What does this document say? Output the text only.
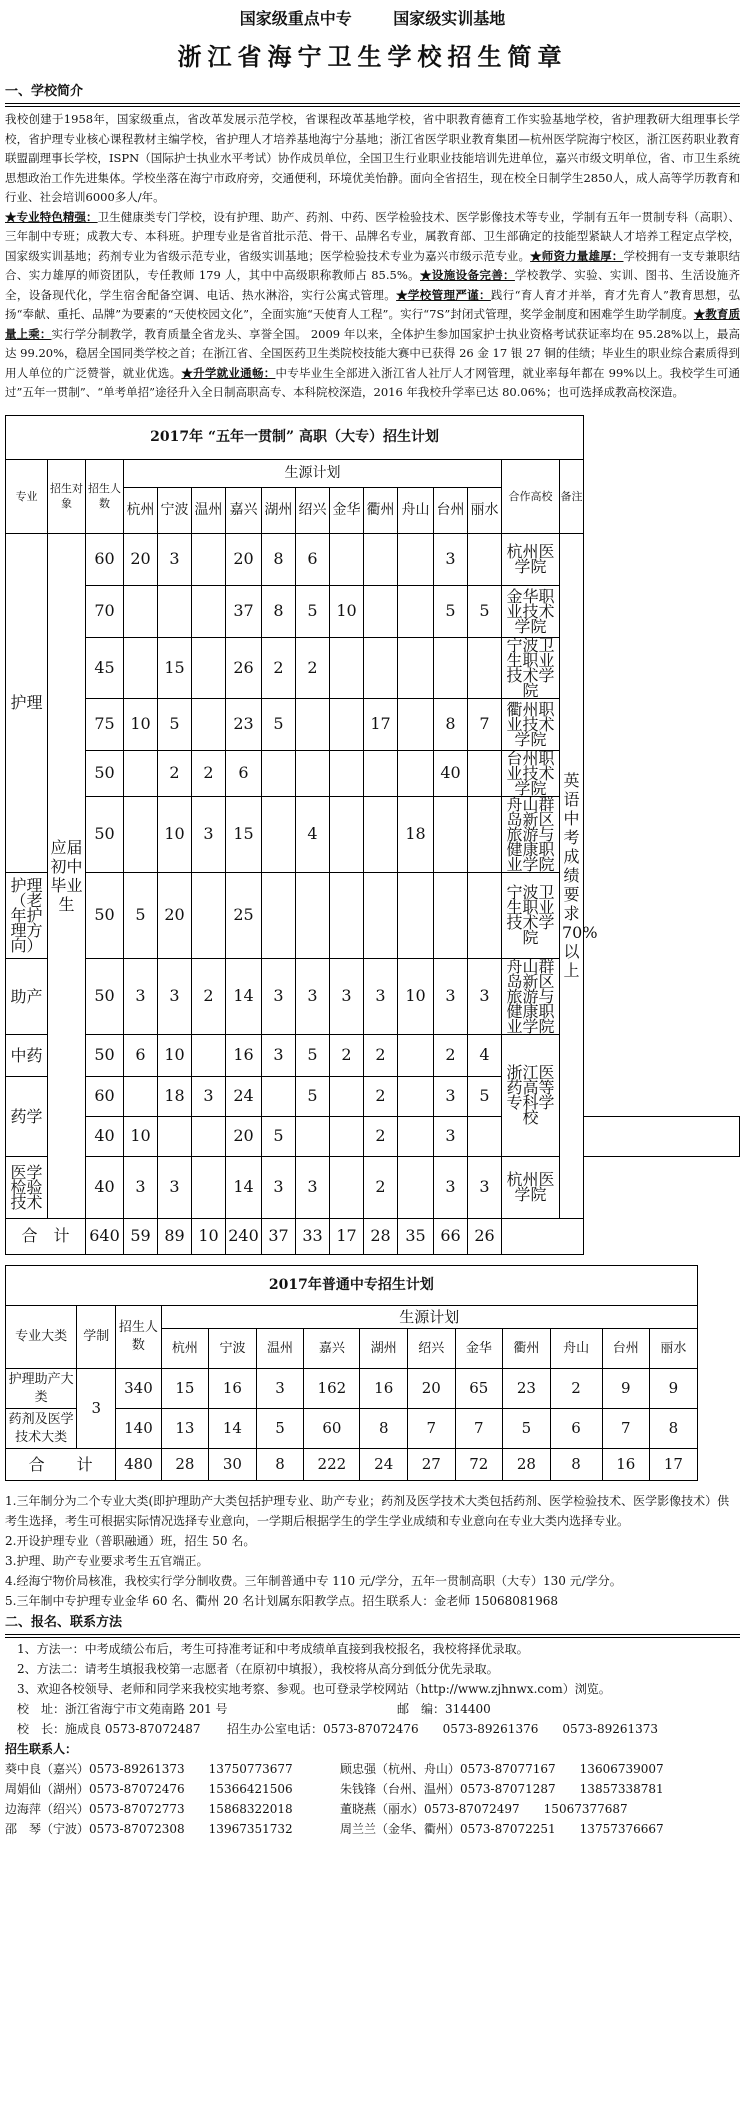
国家级重点中专	国家级实训基地
浙江省海宁卫生学校招生简章
一、学校简介

我校创建于1958年，国家级重点，省改革发展示范学校，省课程改革基地学校，省中职教育德育工作实验基地学校，省护理教研大组理事长学校，省护理专业核心课程教材主编学校，省护理人才培养基地海宁分基地；浙江省医学职业教育集团—杭州医学院海宁校区，浙江医药职业教育联盟副理事长学校，ISPN（国际护士执业水平考试）协作成员单位，全国卫生行业职业技能培训先进单位，嘉兴市级文明单位，省、市卫生系统思想政治工作先进集体。学校坐落在海宁市政府旁，交通便利，环境优美怡静。面向全省招生，现在校全日制学生2850人，成人高等学历教育和行业、社会培训6000多人/年。

★专业特色精强：卫生健康类专门学校，设有护理、助产、药剂、中药、医学检验技术、医学影像技术等专业，学制有五年一贯制专科（高职）、三年制中专班；成教大专、本科班。护理专业是省首批示范、骨干、品牌名专业，属教育部、卫生部确定的技能型紧缺人才培养工程定点学校，国家级实训基地；药剂专业为省级示范专业，省级实训基地；医学检验技术专业为嘉兴市级示范专业。★师资力量雄厚：学校拥有一支专兼职结合、实力雄厚的师资团队，专任教师 179 人，其中中高级职称教师占 85.5%。★设施设备完善：学校教学、实验、实训、图书、生活设施齐全，设备现代化，学生宿舍配备空调、电话、热水淋浴，实行公寓式管理。★学校管理严谨：践行“育人育才并举，育才先育人”教育思想，弘扬“奉献、重托、品牌”为要素的“天使校园文化”，全面实施“天使育人工程”。实行“7S”封闭式管理，奖学金制度和困难学生助学制度。★教育质量上乘：实行学分制教学，教育质量全省龙头、享誉全国。 2009 年以来，全体护生参加国家护士执业资格考试获证率均在 95.28%以上，最高达 99.20%，稳居全国同类学校之首；在浙江省、全国医药卫生类院校技能大赛中已获得 26 金 17 银 27 铜的佳绩；毕业生的职业综合素质得到用人单位的广泛赞誉，就业优选。★升学就业通畅：中专毕业生全部进入浙江省人社厅人才网管理，就业率每年都在 99%以上。我校学生可通过”五年一贯制”、“单考单招”途径升入全日制高职高专、本科院校深造，2016 年我校升学率已达 80.06%；也可选择成教高校深造。

2017年 “五年一贯制” 高职（大专）招生计划																
专业	招生对象	招生人数	生源计划											合作高校	备注	
			杭州	宁波	温州	嘉兴	湖州	绍兴	金华	衢州	舟山	台州	丽水			
护理	应届初中毕业生	60	20	3		20	8	6				3		杭州医学院	英语中考成绩要求70%以上	
		70				37	8	5	10			5	5	金华职业技术学院		
		45		15		26	2	2						宁波卫生职业技术学院		
		75	10	5		23	5			17		8	7	衢州职业技术学院		
		50		2	2	6						40		台州职业技术学院		
		50		10	3	15		4			18			舟山群岛新区旅游与健康职业学院		
护理（老年护理方向）		50	5	20		25								宁波卫生职业技术学院		
助产		50	3	3	2	14	3	3	3	3	10	3	3	舟山群岛新区旅游与健康职业学院		
中药		50	6	10		16	3	5	2	2		2	4	浙江医药高等专科学校		
药学		60		18	3	24		5		2		3	5			
		40	10			20	5			2		3				
医学检验技术		40	3	3		14	3	3		2		3	3	杭州医学院		
合　计		640	59	89	10	240	37	33	17	28	35	66	26			
2017年普通中专招生计划													
专业大类	学制	招生人数	生源计划										
			杭州	宁波	温州	嘉兴	湖州	绍兴	金华	衢州	舟山	台州	丽水
护理助产大类	3	340	15	16	3	162	16	20	65	23	2	9	9
药剂及医学技术大类		140	13	14	5	60	8	7	7	5	6	7	8
合　　计		480	28	30	8	222	24	27	72	28	8	16	17
1.三年制分为二个专业大类(即护理助产大类包括护理专业、助产专业；药剂及医学技术大类包括药剂、医学检验技术、医学影像技术）供考生选择，考生可根据实际情况选择专业意向，一学期后根据学生的学生学业成绩和专业意向在专业大类内选择专业。
2.开设护理专业（普职融通）班，招生 50 名。
3.护理、助产专业要求考生五官端正。
4.经海宁物价局核准，我校实行学分制收费。三年制普通中专 110 元/学分，五年一贯制高职（大专）130 元/学分。
5.三年制中专护理专业金华 60 名、衢州 20 名计划属东阳教学点。招生联系人：金老师 15068081968
二、报名、联系方法
1、方法一：中考成绩公布后，考生可持准考证和中考成绩单直接到我校报名，我校将择优录取。
2、方法二：请考生填报我校第一志愿者（在原初中填报），我校将从高分到低分优先录取。
3、欢迎各校领导、老师和同学来我校实地考察、参观。也可登录学校网站（http://www.zjhnwx.com）浏览。
校　址：浙江省海宁市文苑南路 201 号	邮　编：314400
校　长：施成良 0573-87072487	招生办公室电话：0573-87072476　　0573-89261376　　0573-89261373
招生联系人：
葵中良（嘉兴）0573-89261373　　13750773677	顾忠强（杭州、舟山）0573-87077167　　13606739007
周娟仙（湖州）0573-87072476　　15366421506	朱钱锋（台州、温州）0573-87071287　　13857338781
边海萍（绍兴）0573-87072773　　15868322018	董晓燕（丽水）0573-87072497　　15067377687
邵　琴（宁波）0573-87072308　　13967351732	周兰兰（金华、衢州）0573-87072251　　13757376667
